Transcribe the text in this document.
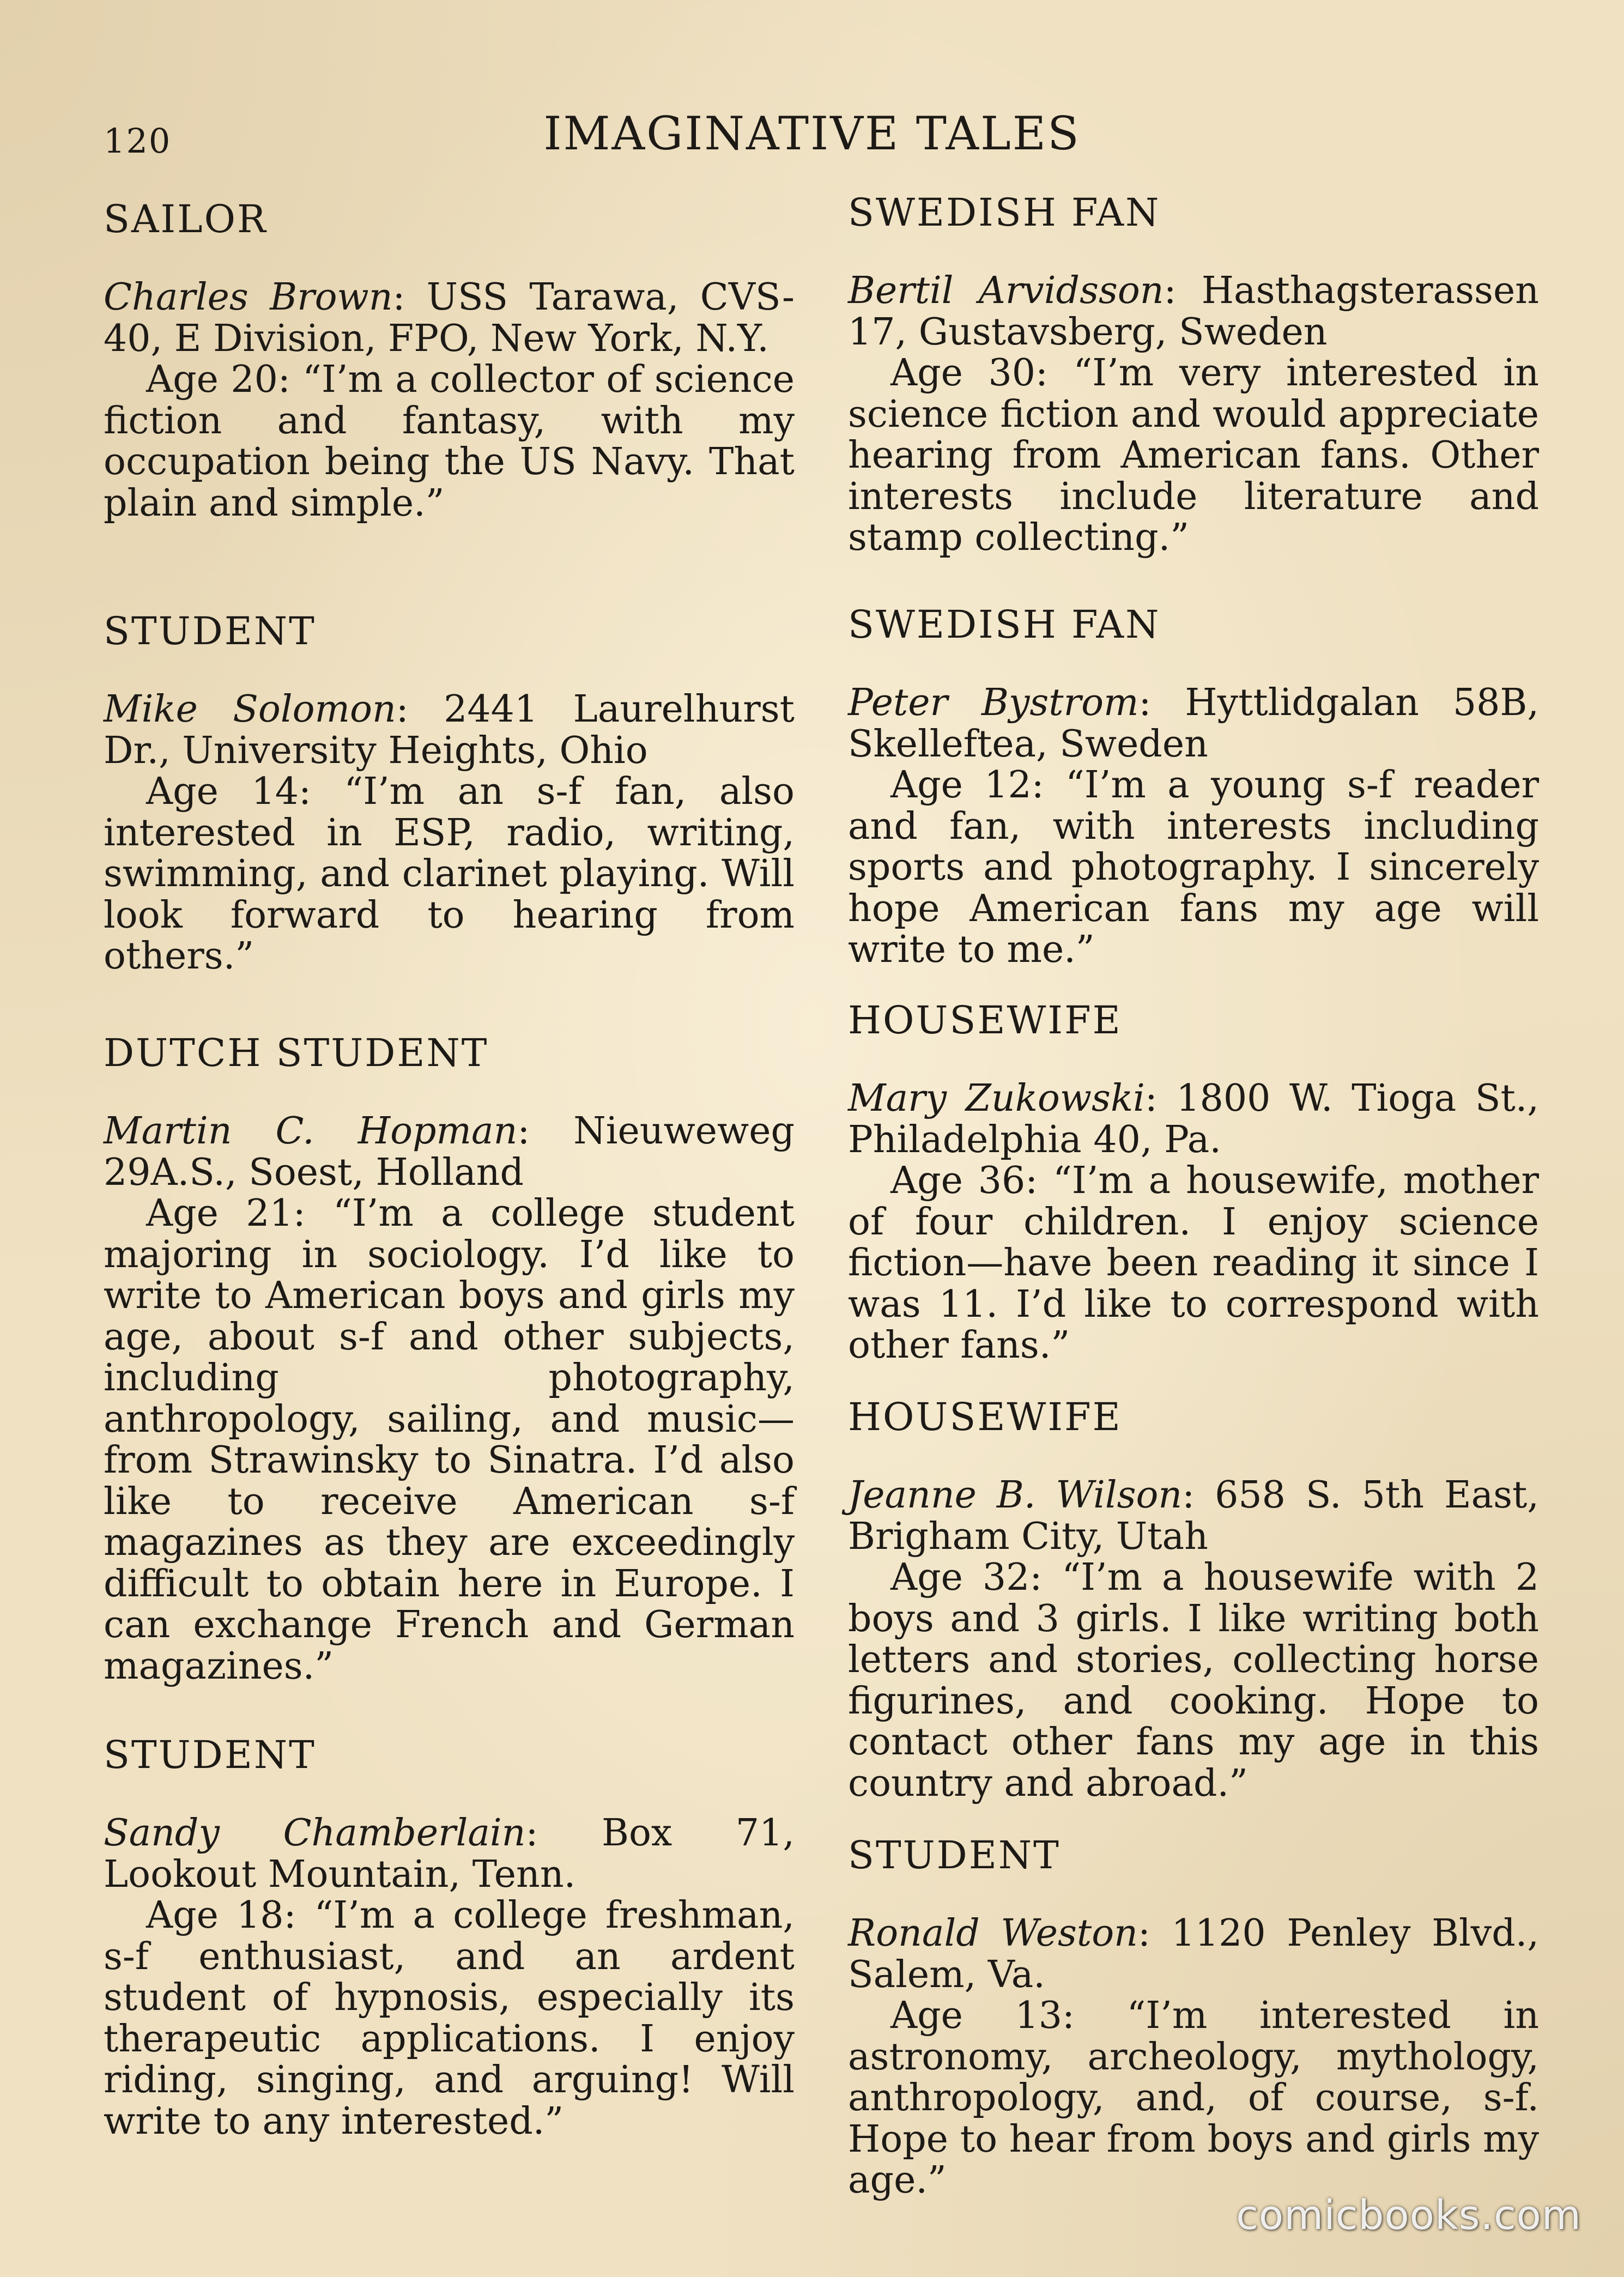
120	IMAGINATIVE TALES
SAILOR

Charles Brown: USS Tarawa, CVS-40, E Division, FPO, New York, N.Y.

Age 20: “I’m a collector of science fiction and fantasy, with my occupation being the US Navy. That plain and simple.”

STUDENT

Mike Solomon: 2441 Laurelhurst Dr., University Heights, Ohio

Age 14: “I’m an s-f fan, also interested in ESP, radio, writing, swimming, and clarinet playing. Will look forward to hearing from others.”

DUTCH STUDENT

Martin C. Hopman: Nieuweweg 29A.S., Soest, Holland

Age 21: “I’m a college student majoring in sociology. I’d like to write to American boys and girls my age, about s-f and other subjects, including photography, anthropology, sailing, and music—from Strawinsky to Sinatra. I’d also like to receive American s-f magazines as they are exceedingly difficult to obtain here in Europe. I can exchange French and German magazines.”

STUDENT

Sandy Chamberlain: Box 71, Lookout Mountain, Tenn.

Age 18: “I’m a college freshman, s-f enthusiast, and an ardent student of hypnosis, especially its therapeutic applications. I enjoy riding, singing, and arguing! Will write to any interested.”

SWEDISH FAN

Bertil Arvidsson: Hasthagsterassen 17, Gustavsberg, Sweden

Age 30: “I’m very interested in science fiction and would appreciate hearing from American fans. Other interests include literature and stamp collecting.”

SWEDISH FAN

Peter Bystrom: Hyttlidgalan 58B, Skelleftea, Sweden

Age 12: “I’m a young s-f reader and fan, with interests including sports and photography. I sincerely hope American fans my age will write to me.”

HOUSEWIFE

Mary Zukowski: 1800 W. Tioga St., Philadelphia 40, Pa.

Age 36: “I’m a housewife, mother of four children. I enjoy science fiction—have been reading it since I was 11. I’d like to correspond with other fans.”

HOUSEWIFE

Jeanne B. Wilson: 658 S. 5th East, Brigham City, Utah

Age 32: “I’m a housewife with 2 boys and 3 girls. I like writing both letters and stories, collecting horse figurines, and cooking. Hope to contact other fans my age in this country and abroad.”

STUDENT

Ronald Weston: 1120 Penley Blvd., Salem, Va.

Age 13: “I’m interested in astronomy, archeology, mythology, anthropology, and, of course, s-f. Hope to hear from boys and girls my age.”

comicbooks.com
